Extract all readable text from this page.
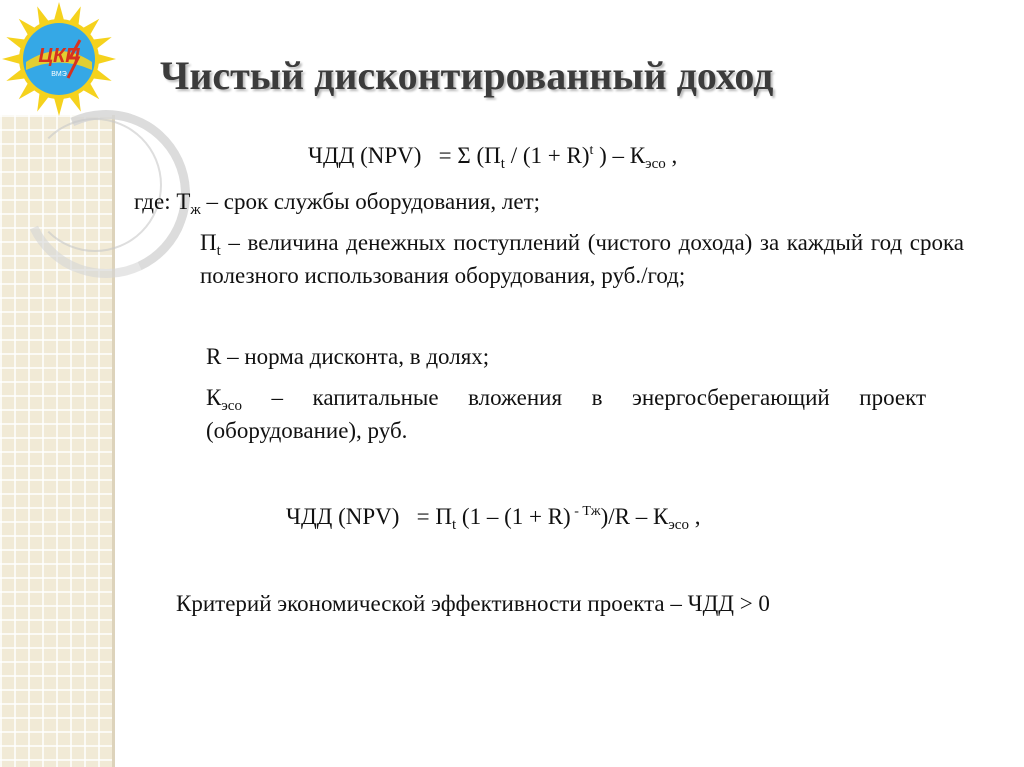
ЦКП
ВМЭ Чистый дисконтированный доход
ЧДД (NPV) = Σ ($П_t / (1 + R)^t$ ) – $К_{эсо}$ ,
где: $Т_ж$ – срок службы оборудования, лет;
$П_t$ – величина денежных поступлений (чистого дохода) за каждый год срока полезного использования оборудования, руб./год;
R – норма дисконта, в долях;
$К_{эсо}$ – капитальные вложения в энергосберегающий проект (оборудование), руб.
ЧДД $(NPV) = П_t$ (1 – (1 + R) $^{- Тж})/R - К_{эсо}$ ,
Критерий экономической эффективности проекта – ЧДД > 0
